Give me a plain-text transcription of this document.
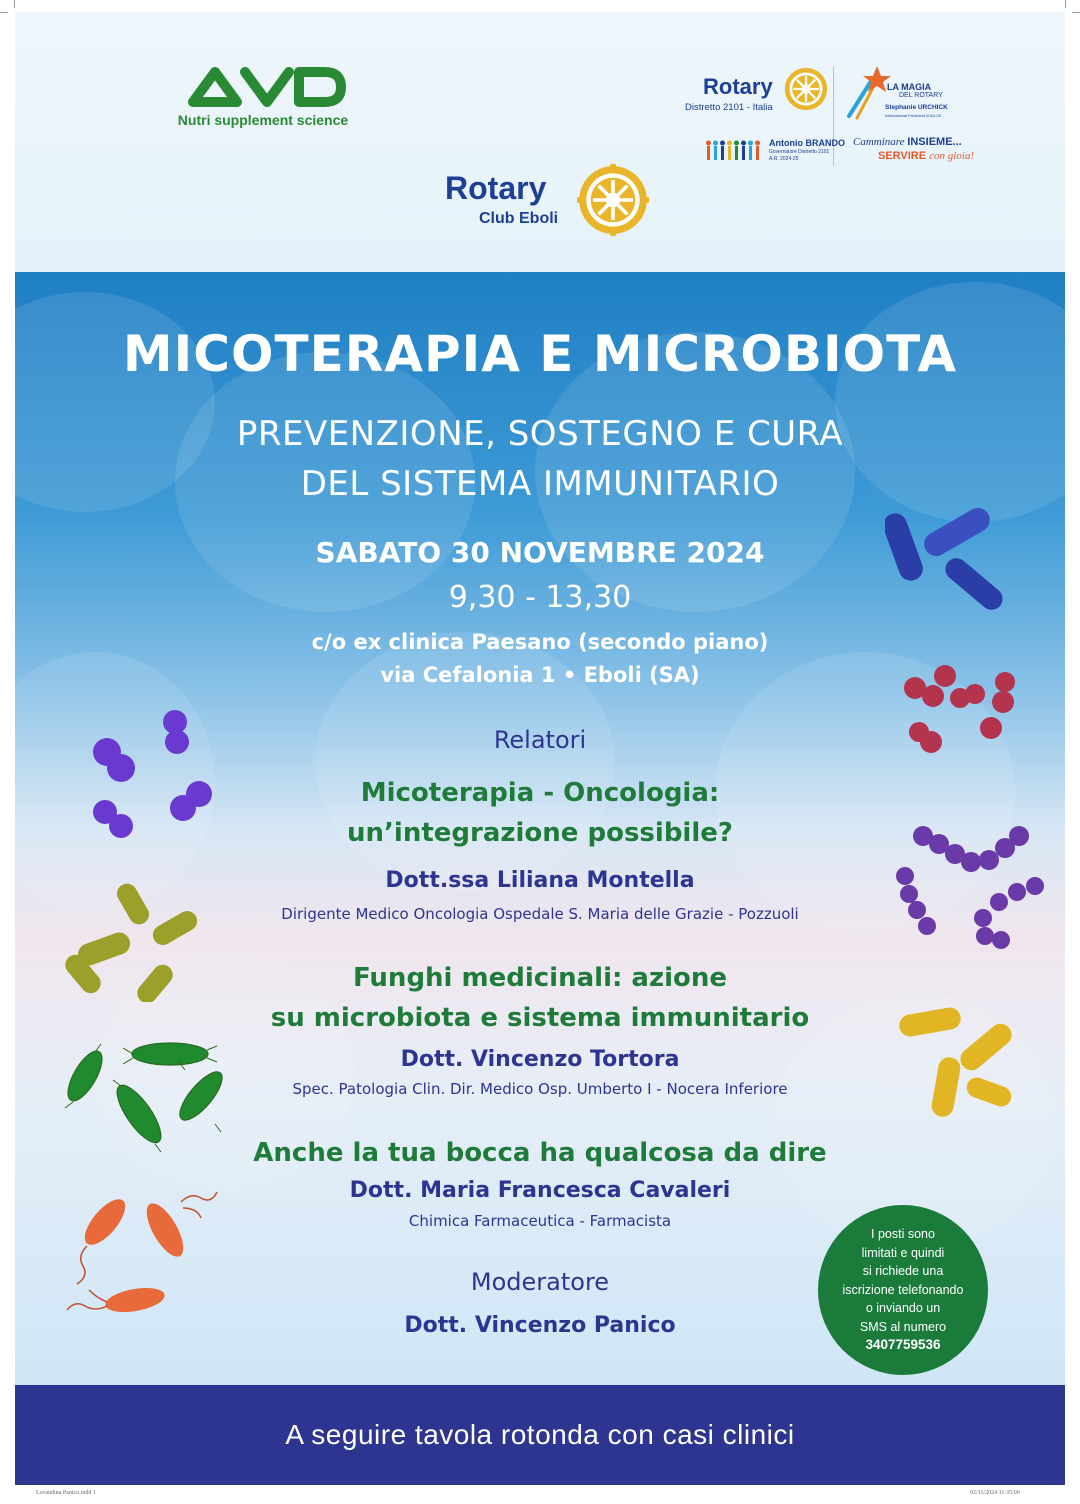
Nutri supplement science
Rotary
Distretto 2101 - Italia
LA MAGIA
DEL ROTARY
Stephanie URCHICK
International President 2024-25
Antonio BRANDO
Governatore Distretto 2101
A.R. 2024-25
Camminare INSIEME...
SERVIRE con gioia!
Rotary
Club Eboli
MICOTERAPIA E MICROBIOTA
PREVENZIONE, SOSTEGNO E CURA
DEL SISTEMA IMMUNITARIO
SABATO 30 NOVEMBRE 2024
9,30 - 13,30
c/o ex clinica Paesano (secondo piano)
via Cefalonia 1 • Eboli (SA)
Relatori
Micoterapia - Oncologia:
un’integrazione possibile?
Dott.ssa Liliana Montella
Dirigente Medico Oncologia Ospedale S. Maria delle Grazie - Pozzuoli
Funghi medicinali: azione
su microbiota e sistema immunitario
Dott. Vincenzo Tortora
Spec. Patologia Clin. Dir. Medico Osp. Umberto I - Nocera Inferiore
Anche la tua bocca ha qualcosa da dire
Dott. Maria Francesca Cavaleri
Chimica Farmaceutica - Farmacista
Moderatore
Dott. Vincenzo Panico
I posti sono
limitati e quindi
si richiede una
iscrizione telefonando
o inviando un
SMS al numero
3407759536
A seguire tavola rotonda con casi clinici
Locandina Panico.indd 1	02/11/2024 11:35:00
